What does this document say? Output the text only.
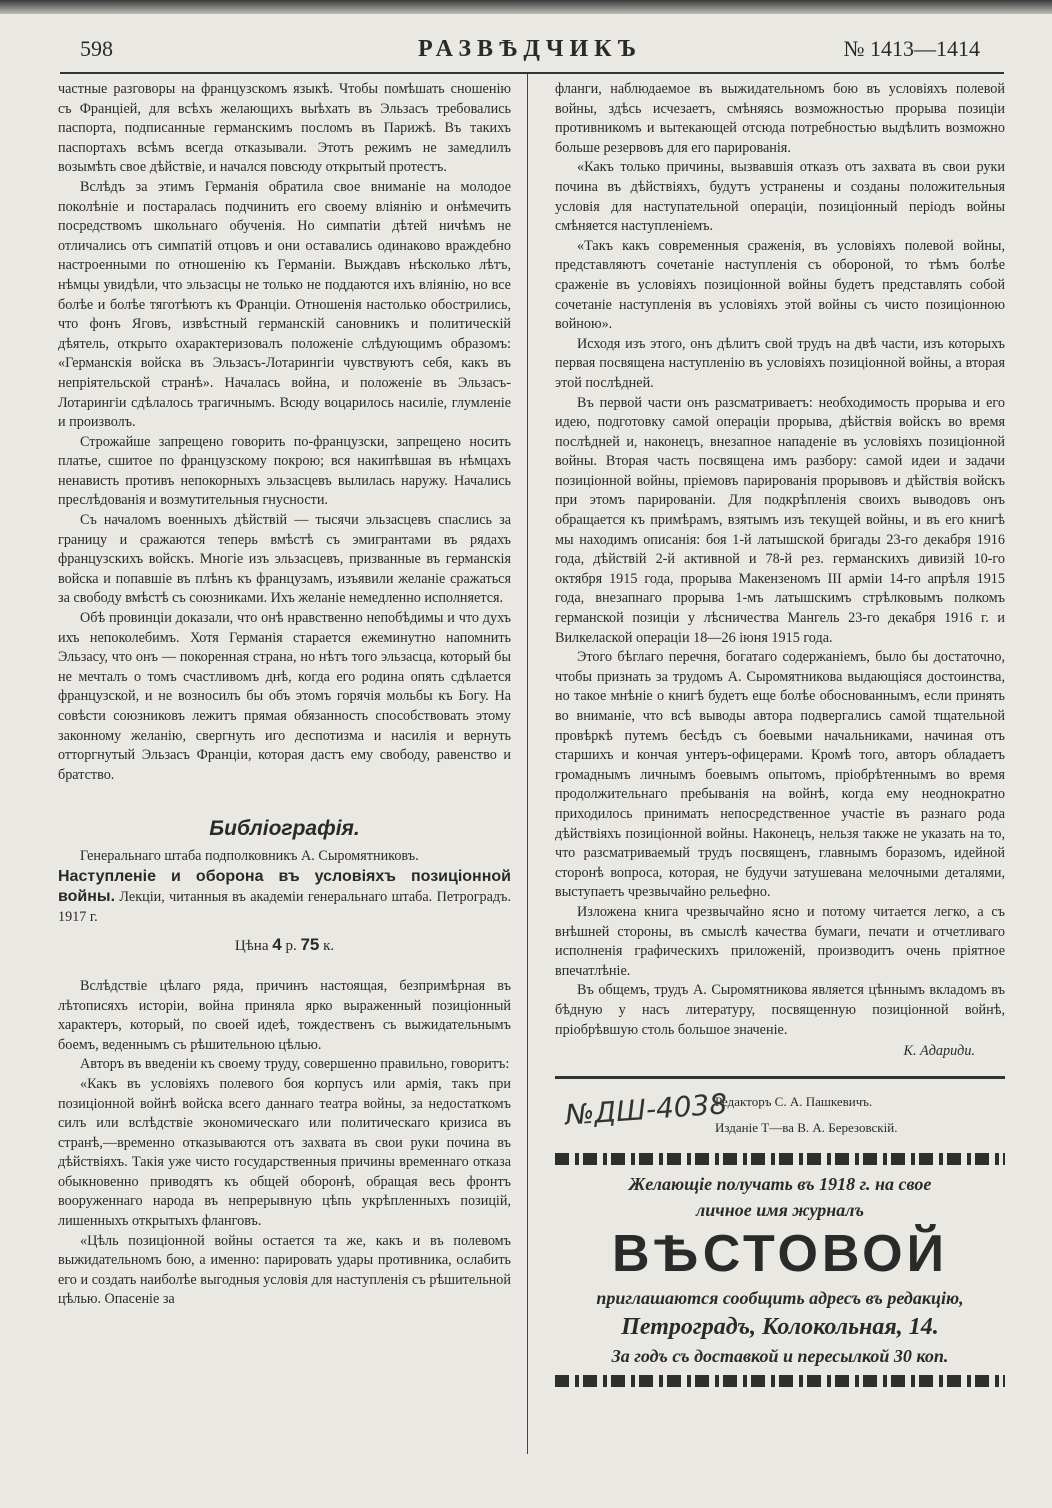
598	РАЗВѢДЧИКЪ	№ 1413—1414

частные разговоры на французскомъ языкѣ. Чтобы помѣшать сношенію съ Франціей, для всѣхъ желающихъ выѣхать въ Эльзасъ требовались паспорта, подписанные германскимъ посломъ въ Парижѣ. Въ такихъ паспортахъ всѣмъ всегда отказывали. Этотъ режимъ не замедлилъ возымѣть свое дѣйствіе, и начался повсюду открытый протестъ.

Вслѣдъ за этимъ Германія обратила свое вниманіе на молодое поколѣніе и постаралась подчинить его своему вліянію и онѣмечить посредствомъ школьнаго обученія. Но симпатіи дѣтей ничѣмъ не отличались отъ симпатій отцовъ и они оставались одинаково враждебно настроенными по отношенію къ Германіи. Выждавъ нѣсколько лѣтъ, нѣмцы увидѣли, что эльзасцы не только не поддаются ихъ вліянію, но все болѣе и болѣе тяготѣютъ къ Франціи. Отношенія настолько обострились, что фонъ Яговъ, извѣстный германскій сановникъ и политическій дѣятель, открыто охарактеризовалъ положеніе слѣдующимъ образомъ: «Германскія войска въ Эльзасъ-Лотарингіи чувствуютъ себя, какъ въ непріятельской странѣ». Началась война, и положеніе въ Эльзасъ-Лотарингіи сдѣлалось трагичнымъ. Всюду воцарилось насиліе, глумленіе и произволъ.

Строжайше запрещено говорить по-французски, запрещено носить платье, сшитое по французскому покрою; вся накипѣвшая въ нѣмцахъ ненависть противъ непокорныхъ эльзасцевъ вылилась наружу. Начались преслѣдованія и возмутительныя гнусности.

Съ началомъ военныхъ дѣйствій — тысячи эльзасцевъ спаслись за границу и сражаются теперь вмѣстѣ съ эмигрантами въ рядахъ французскихъ войскъ. Многіе изъ эльзасцевъ, призванные въ германскія войска и попавшіе въ плѣнъ къ французамъ, изъявили желаніе сражаться за свободу вмѣстѣ съ союзниками. Ихъ желаніе немедленно исполняется.

Обѣ провинціи доказали, что онѣ нравственно непобѣдимы и что духъ ихъ непоколебимъ. Хотя Германія старается ежеминутно напомнить Эльзасу, что онъ — покоренная страна, но нѣтъ того эльзасца, который бы не мечталъ о томъ счастливомъ днѣ, когда его родина опять сдѣлается французской, и не возносилъ бы объ этомъ горячія мольбы къ Богу. На совѣсти союзниковъ лежитъ прямая обязанность способствовать этому законному желанію, свергнуть иго деспотизма и насилія и вернуть отторгнутый Эльзасъ Франціи, которая дастъ ему свободу, равенство и братство.

Библіографія.

Генеральнаго штаба подполковникъ А. Сыромятниковъ.

Наступленіе и оборона въ условіяхъ позиціонной войны. Лекціи, читанныя въ академіи генеральнаго штаба. Петроградъ. 1917 г.

Цѣна 4 р. 75 к.

Вслѣдствіе цѣлаго ряда, причинъ настоящая, безпримѣрная въ лѣтописяхъ исторіи, война приняла ярко выраженный позиціонный характеръ, который, по своей идеѣ, тождественъ съ выжидательнымъ боемъ, веденнымъ съ рѣшительною цѣлью.

Авторъ въ введеніи къ своему труду, совершенно правильно, говоритъ:

«Какъ въ условіяхъ полевого боя корпусъ или армія, такъ при позиціонной войнѣ войска всего даннаго театра войны, за недостаткомъ силъ или вслѣдствіе экономическаго или политическаго кризиса въ странѣ,—временно отказываются отъ захвата въ свои руки почина въ дѣйствіяхъ. Такія уже чисто государственныя причины временнаго отказа обыкновенно приводятъ къ общей оборонѣ, обращая весь фронтъ вооруженнаго народа въ непрерывную цѣпь укрѣпленныхъ позицій, лишенныхъ открытыхъ фланговъ.

«Цѣль позиціонной войны остается та же, какъ и въ полевомъ выжидательномъ бою, а именно: парировать удары противника, ослабить его и создать наиболѣе выгодныя условія для наступленія съ рѣшительной цѣлью. Опасеніе за

фланги, наблюдаемое въ выжидательномъ бою въ условіяхъ полевой войны, здѣсь исчезаетъ, смѣняясь возможностью прорыва позиціи противникомъ и вытекающей отсюда потребностью выдѣлить возможно больше резервовъ для его парированія.

«Какъ только причины, вызвавшія отказъ отъ захвата въ свои руки почина въ дѣйствіяхъ, будутъ устранены и созданы положительныя условія для наступательной операціи, позиціонный періодъ войны смѣняется наступленіемъ.

«Такъ какъ современныя сраженія, въ условіяхъ полевой войны, представляютъ сочетаніе наступленія съ обороной, то тѣмъ болѣе сраженіе въ условіяхъ позиціонной войны будетъ представлять собой сочетаніе наступленія въ условіяхъ этой войны съ чисто позиціонною войною».

Исходя изъ этого, онъ дѣлитъ свой трудъ на двѣ части, изъ которыхъ первая посвящена наступленію въ условіяхъ позиціонной войны, а вторая этой послѣдней.

Въ первой части онъ разсматриваетъ: необходимость прорыва и его идею, подготовку самой операціи прорыва, дѣйствія войскъ во время послѣдней и, наконецъ, внезапное нападеніе въ условіяхъ позиціонной войны. Вторая часть посвящена имъ разбору: самой идеи и задачи позиціонной войны, пріемовъ парированія прорывовъ и дѣйствія войскъ при этомъ парированіи. Для подкрѣпленія своихъ выводовъ онъ обращается къ примѣрамъ, взятымъ изъ текущей войны, и въ его книгѣ мы находимъ описанія: боя 1-й латышской бригады 23-го декабря 1916 года, дѣйствій 2-й активной и 78-й рез. германскихъ дивизій 10-го октября 1915 года, прорыва Макензеномъ III арміи 14-го апрѣля 1915 года, внезапнаго прорыва 1-мъ латышскимъ стрѣлковымъ полкомъ германской позиціи у лѣсничества Мангель 23-го декабря 1916 г. и Вилкелаской операціи 18—26 іюня 1915 года.

Этого бѣглаго перечня, богатаго содержаніемъ, было бы достаточно, чтобы признать за трудомъ А. Сыромятникова выдающіяся достоинства, но такое мнѣніе о книгѣ будетъ еще болѣе обоснованнымъ, если принять во вниманіе, что всѣ выводы автора подвергались самой тщательной провѣркѣ путемъ бесѣдъ съ боевыми начальниками, начиная отъ старшихъ и кончая унтеръ-офицерами. Кромѣ того, авторъ обладаетъ громаднымъ личнымъ боевымъ опытомъ, пріобрѣтеннымъ во время продолжительнаго пребыванія на войнѣ, когда ему неоднократно приходилось принимать непосредственное участіе въ разнаго рода дѣйствіяхъ позиціонной войны. Наконецъ, нельзя также не указать на то, что разсматриваемый трудъ посвященъ, главнымъ боразомъ, идейной сторонѣ вопроса, которая, не будучи затушевана мелочными деталями, выступаетъ чрезвычайно рельефно.

Изложена книга чрезвычайно ясно и потому читается легко, а съ внѣшней стороны, въ смыслѣ качества бумаги, печати и отчетливаго исполненія графическихъ приложеній, производитъ очень пріятное впечатлѣніе.

Въ общемъ, трудъ А. Сыромятникова является цѣннымъ вкладомъ въ бѣдную у насъ литературу, посвященную позиціонной войнѣ, пріобрѣвшую столь большое значеніе.

К. Адариди.
№ДШ-4038
Редакторъ С. А. Пашкевичъ.
Изданіе Т—ва В. А. Березовскій.
Желающіе получать въ 1918 г. на свое
личное имя журналъ
ВѢСТОВОЙ
приглашаются сообщить адресъ въ редакцію,
Петроградъ, Колокольная, 14.
За годъ съ доставкой и пересылкой 30 коп.
